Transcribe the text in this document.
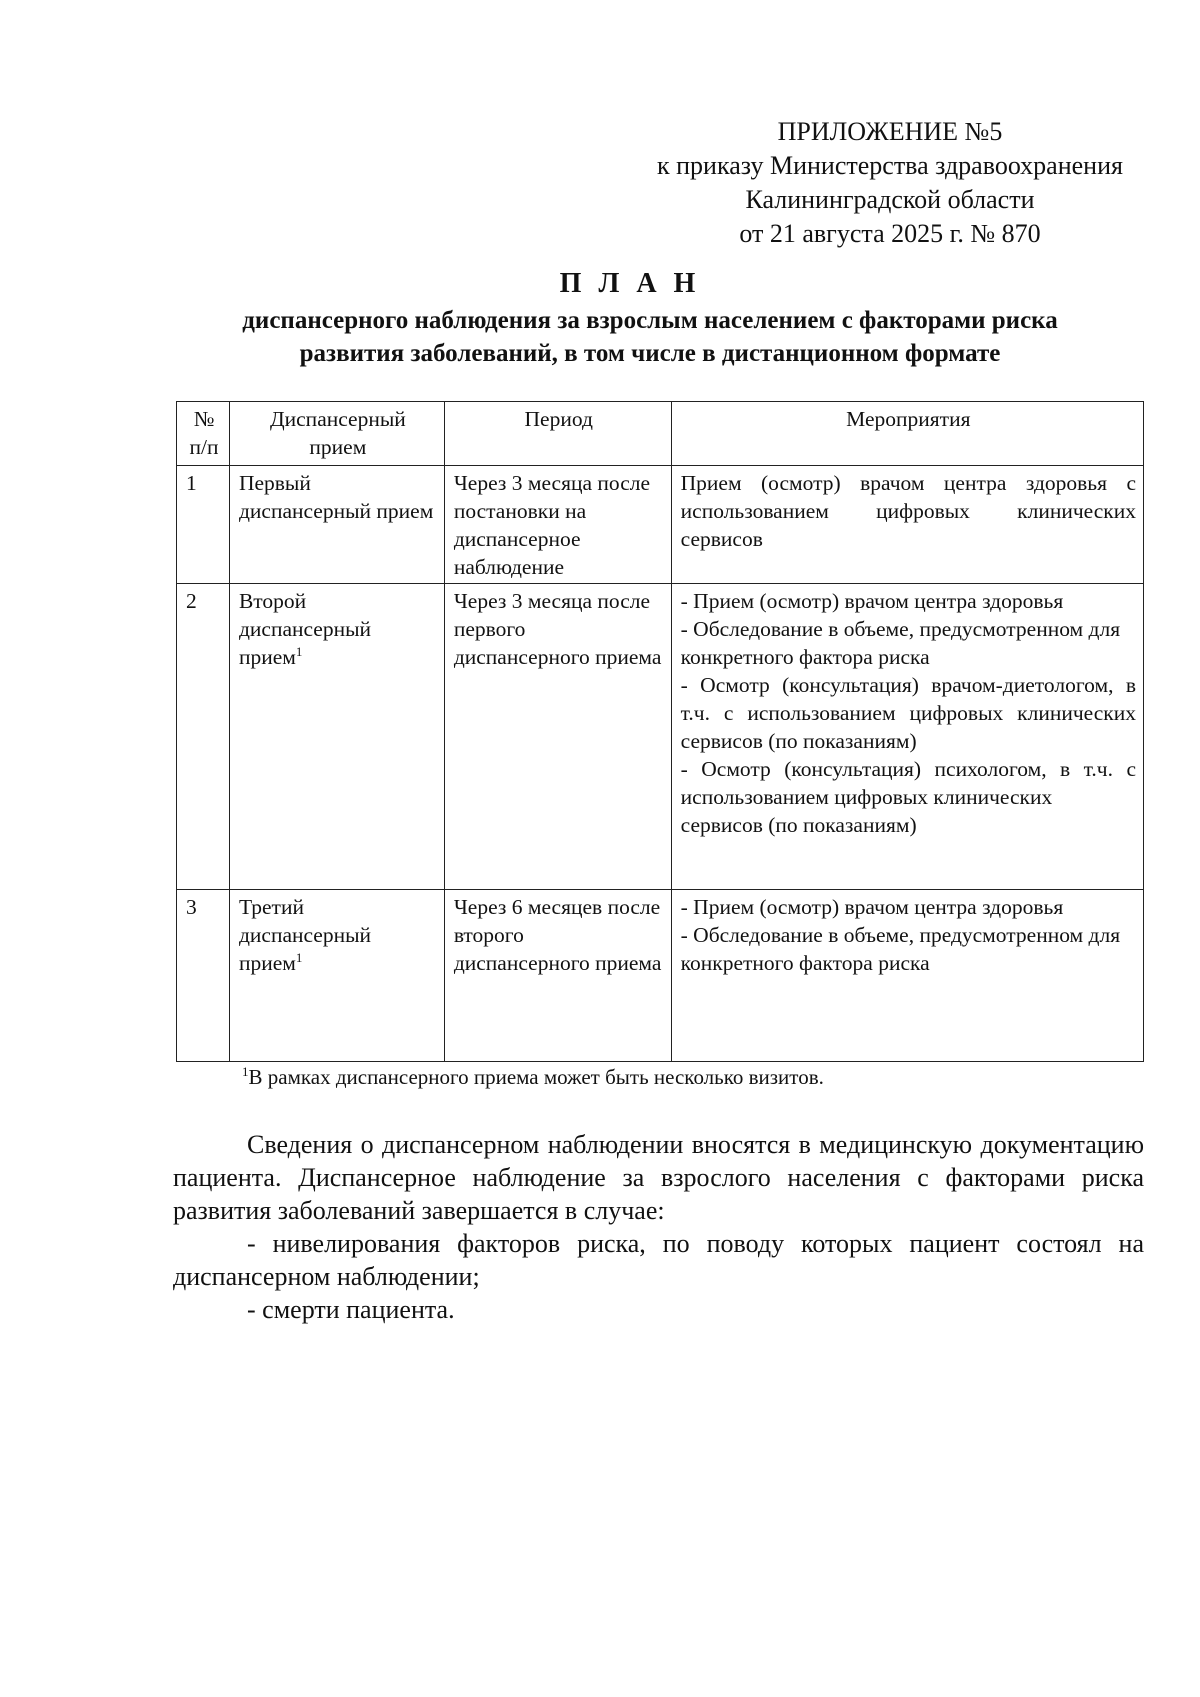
ПРИЛОЖЕНИЕ №5
к приказу Министерства здравоохранения
Калининградской области
от 21 августа 2025 г. № 870
П Л А Н
диспансерного наблюдения за взрослым населением с факторами риска
развития заболеваний, в том числе в дистанционном формате
№ п/п	Диспансерный прием	Период	Мероприятия
1	Первый диспансерный прием	Через 3 месяца после постановки на диспансерное наблюдение	Прием (осмотр) врачом центра здоровья с использованием цифровых клинических сервисов

2	Второй диспансерный прием$^1$	Через 3 месяца после первого диспансерного приема	- Прием (осмотр) врачом центра здоровья
- Обследование в объеме, предусмотренном для конкретного фактора риска
- Осмотр (консультация) врачом-диетологом, в т.ч. с использованием цифровых клинических сервисов (по показаниям)
- Осмотр (консультация) психологом, в т.ч. с использованием цифровых клинических
сервисов (по показаниям)

3	Третий диспансерный прием$^1$	Через 6 месяцев после второго диспансерного приема	- Прием (осмотр) врачом центра здоровья
- Обследование в объеме, предусмотренном для конкретного фактора риска
$^1$В рамках диспансерного приема может быть несколько визитов.

Сведения о диспансерном наблюдении вносятся в медицинскую документацию пациента. Диспансерное наблюдение за взрослого населения с факторами риска развития заболеваний завершается в случае:

- нивелирования факторов риска, по поводу которых пациент состоял на диспансерном наблюдении;

- смерти пациента.
